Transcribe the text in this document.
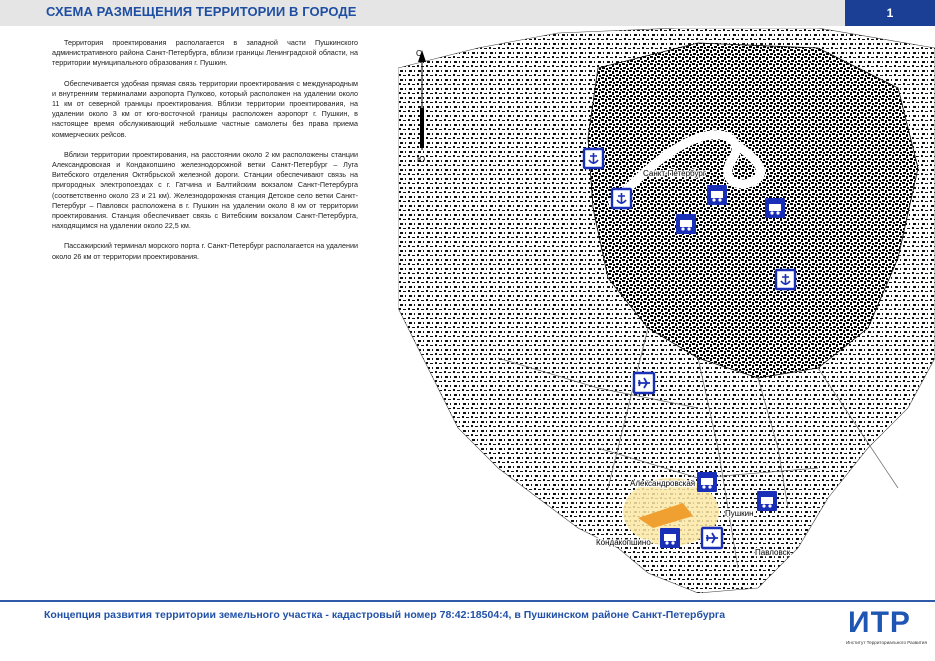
СХЕМА РАЗМЕЩЕНИЯ ТЕРРИТОРИИ В ГОРОДЕ	1

Территория проектирования располагается в западной части Пушкинского административного района Санкт-Петербурга, вблизи границы Ленинградской области, на территории муниципального образования г. Пушкин.

Обеспечивается удобная прямая связь территории проектирования с международным и внутренним терминалами аэропорта Пулково, который расположен на удалении около 11 км от северной границы проектирования. Вблизи территории проектирования, на удалении около 3 км от юго-восточной границы расположен аэропорт г. Пушкин, в настоящее время обслуживающий небольшие частные самолеты без права приема коммерческих рейсов.

Вблизи территории проектирования, на расстоянии около 2 км расположены станции Александровская и Кондакопшино железнодорожной ветки Санкт-Петербург – Луга Витебского отделения Октябрьской железной дороги. Станции обеспечивают связь на пригородных электропоездах с г. Гатчина и Балтийским вокзалом Санкт-Петербурга (соответственно около 23 и 21 км). Железнодорожная станция Детское село ветки Санкт-Петербург – Павловск расположена в г. Пушкин на удалении около 8 км от территории проектирования. Станция обеспечивает связь с Витебским вокзалом Санкт-Петербурга, находящимся на удалении около 22,5 км.

Пассажирский терминал морского порта г. Санкт-Петербург располагается на удалении около 26 км от территории проектирования.

С
Ю
Санкт-Петербург
Александровская
Пушкин
Кондакопшино
Павловск
Концепция развития территории земельного участка - кадастровый номер 78:42:18504:4, в Пушкинском районе Санкт-Петербурга	ИТР
Институт Территориального Развития
